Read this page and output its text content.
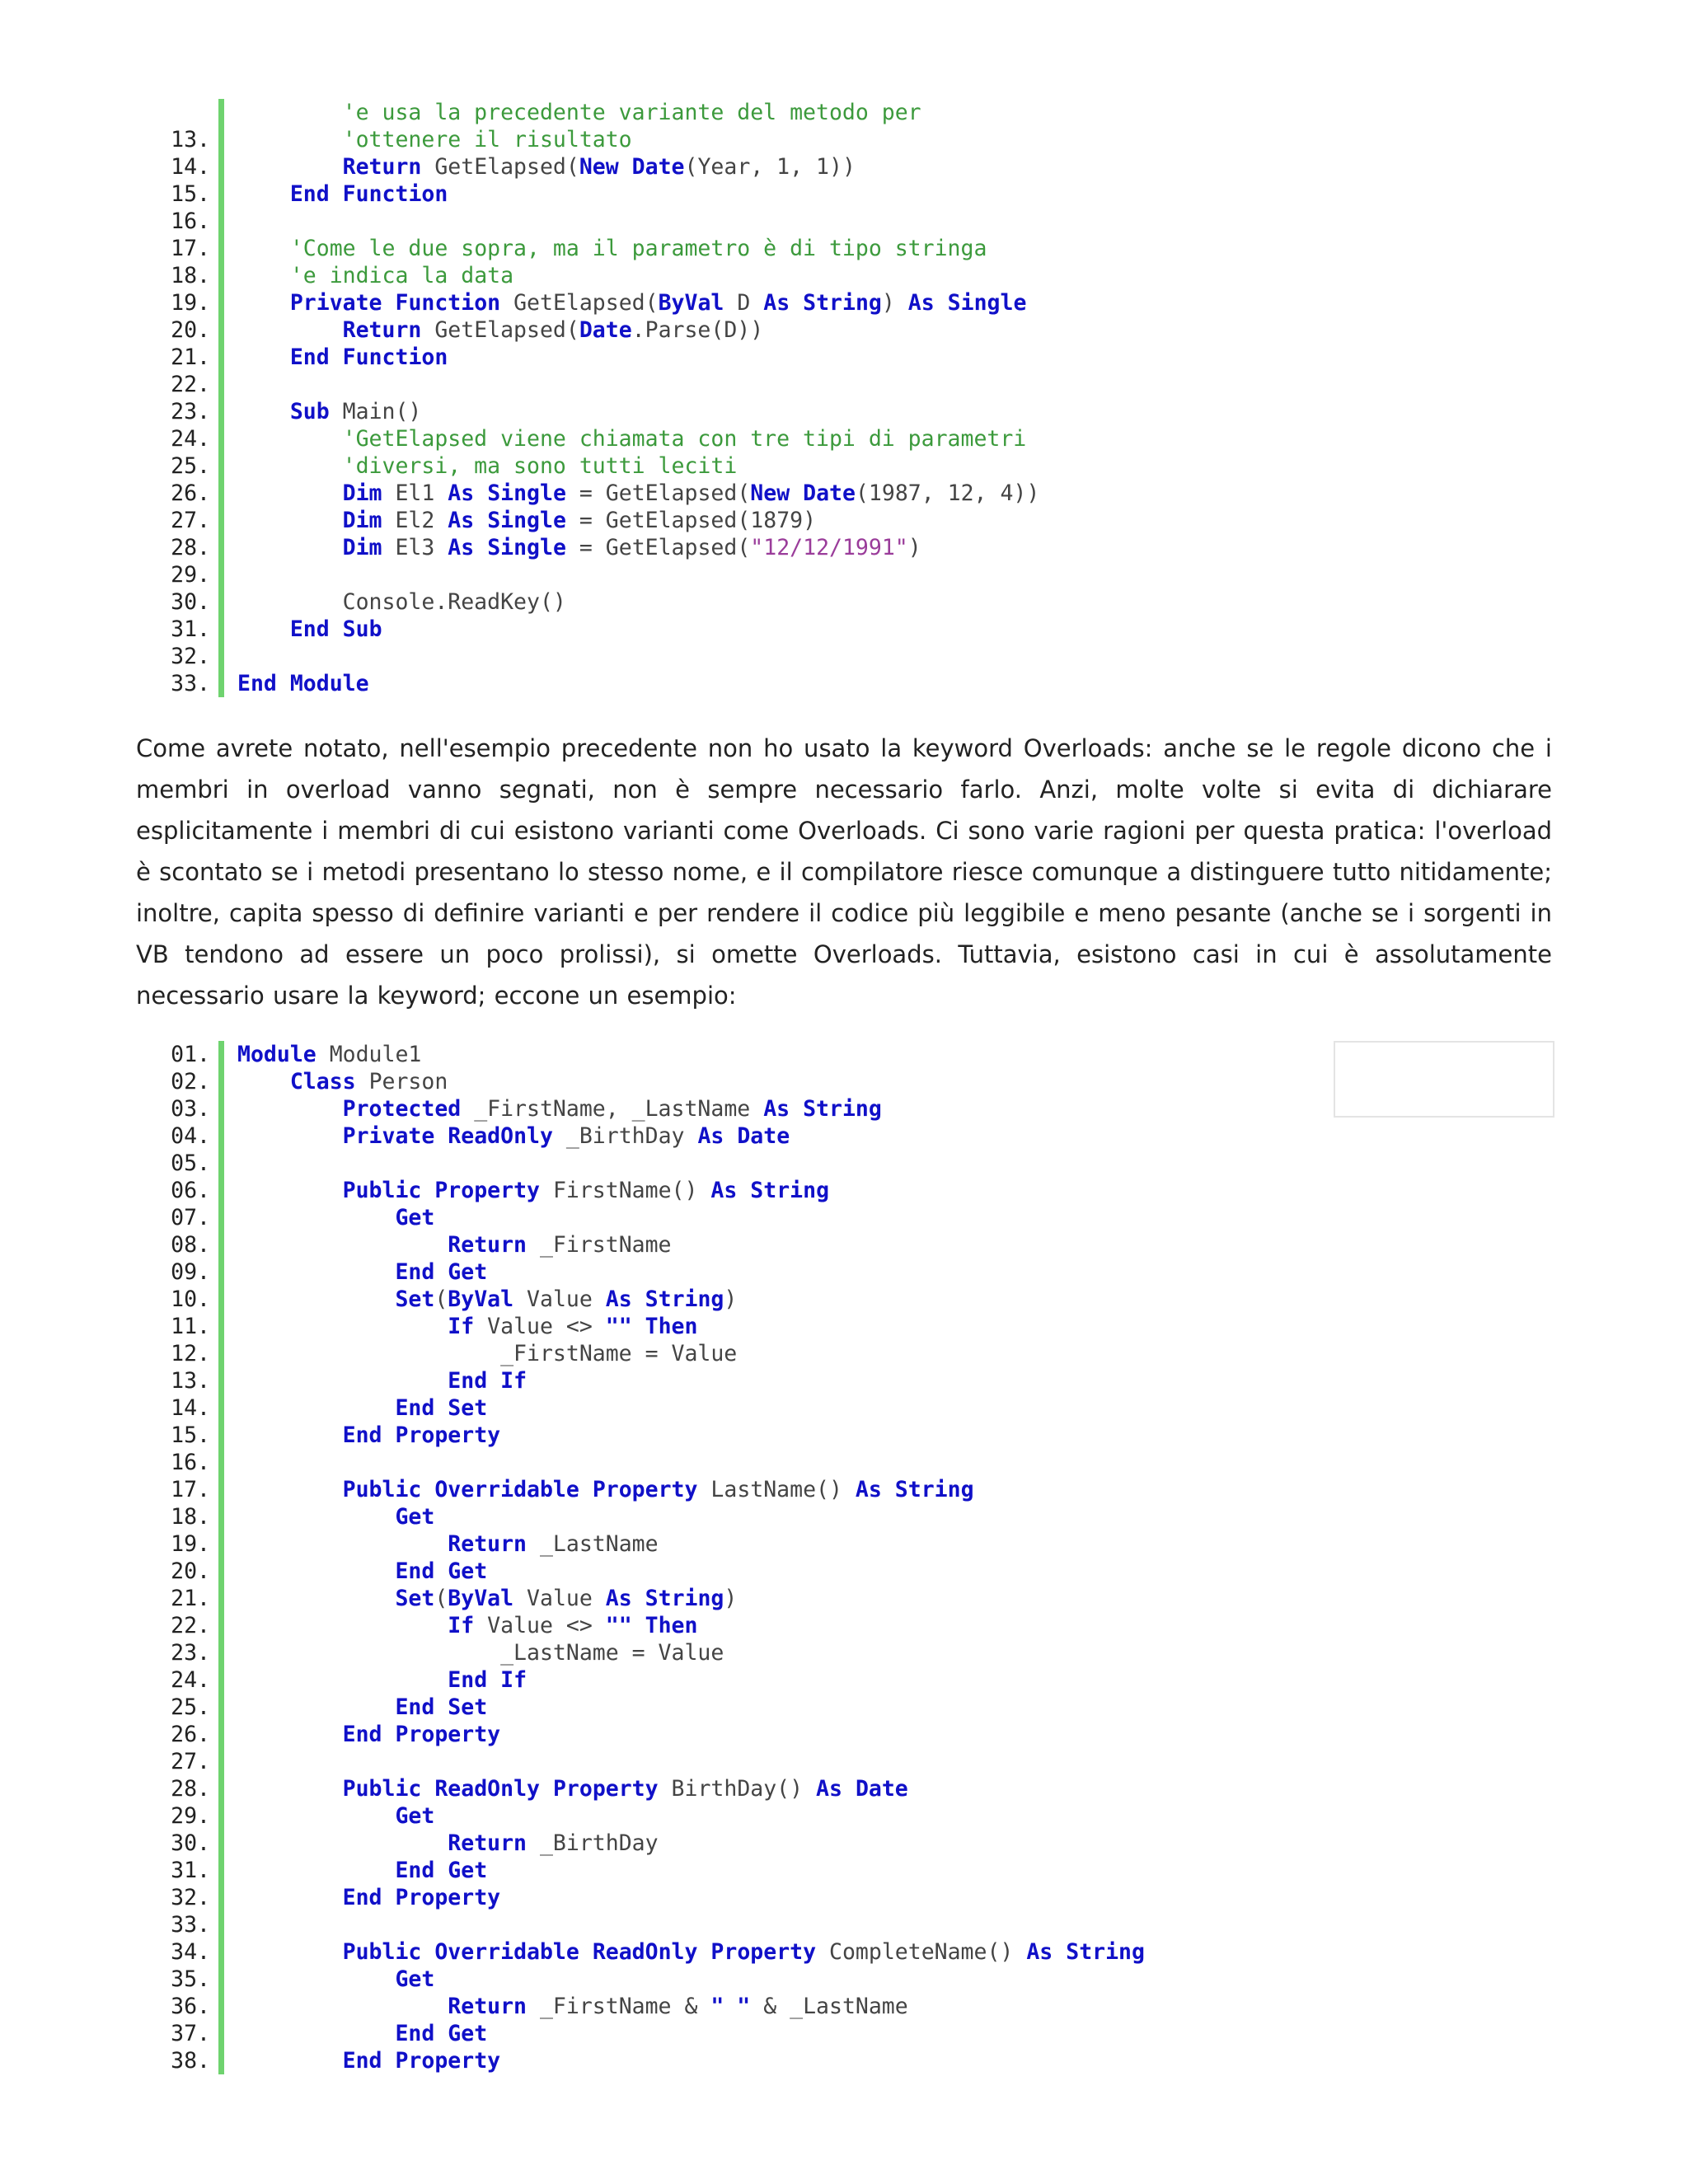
'e usa la precedente variante del metodo per
13.	'ottenere il risultato
14.	Return GetElapsed(New Date(Year, 1, 1))
15.	End Function
16.
17.	'Come le due sopra, ma il parametro è di tipo stringa
18.	'e indica la data
19.	Private Function GetElapsed(ByVal D As String) As Single
20.	Return GetElapsed(Date.Parse(D))
21.	End Function
22.
23.	Sub Main()
24.	'GetElapsed viene chiamata con tre tipi di parametri
25.	'diversi, ma sono tutti leciti
26.	Dim El1 As Single = GetElapsed(New Date(1987, 12, 4))
27.	Dim El2 As Single = GetElapsed(1879)
28.	Dim El3 As Single = GetElapsed("12/12/1991")
29.
30. Console.ReadKey()
31.	End Sub
32.
33. End Module

Come avrete notato, nell'esempio precedente non ho usato la keyword Overloads: anche se le regole dicono che i membri in overload vanno segnati, non è sempre necessario farlo. Anzi, molte volte si evita di dichiarare esplicitamente i membri di cui esistono varianti come Overloads. Ci sono varie ragioni per questa pratica: l'overload è scontato se i metodi presentano lo stesso nome, e il compilatore riesce comunque a distinguere tutto nitidamente; inoltre, capita spesso di definire varianti e per rendere il codice più leggibile e meno pesante (anche se i sorgenti in VB tendono ad essere un poco prolissi), si omette Overloads. Tuttavia, esistono casi in cui è assolutamente necessario usare la keyword; eccone un esempio:

01. Module Module1
02.	Class Person
03.	Protected _FirstName, _LastName As String
04.	Private ReadOnly _BirthDay As Date
05.
06.	Public Property FirstName() As String
07.	Get
08.	Return _FirstName
09.	End Get
10.	Set(ByVal Value As String)
11.	If Value <> "" Then
12. _FirstName = Value
13.	End If
14.	End Set
15.	End Property
16.
17.	Public Overridable Property LastName() As String
18.	Get
19.	Return _LastName
20.	End Get
21.	Set(ByVal Value As String)
22.	If Value <> "" Then
23. _LastName = Value
24.	End If
25.	End Set
26.	End Property
27.
28.	Public ReadOnly Property BirthDay() As Date
29.	Get
30.	Return _BirthDay
31.	End Get
32.	End Property
33.
34.	Public Overridable ReadOnly Property CompleteName() As String
35.	Get
36.	Return _FirstName & " " & _LastName
37.	End Get
38.	End Property
